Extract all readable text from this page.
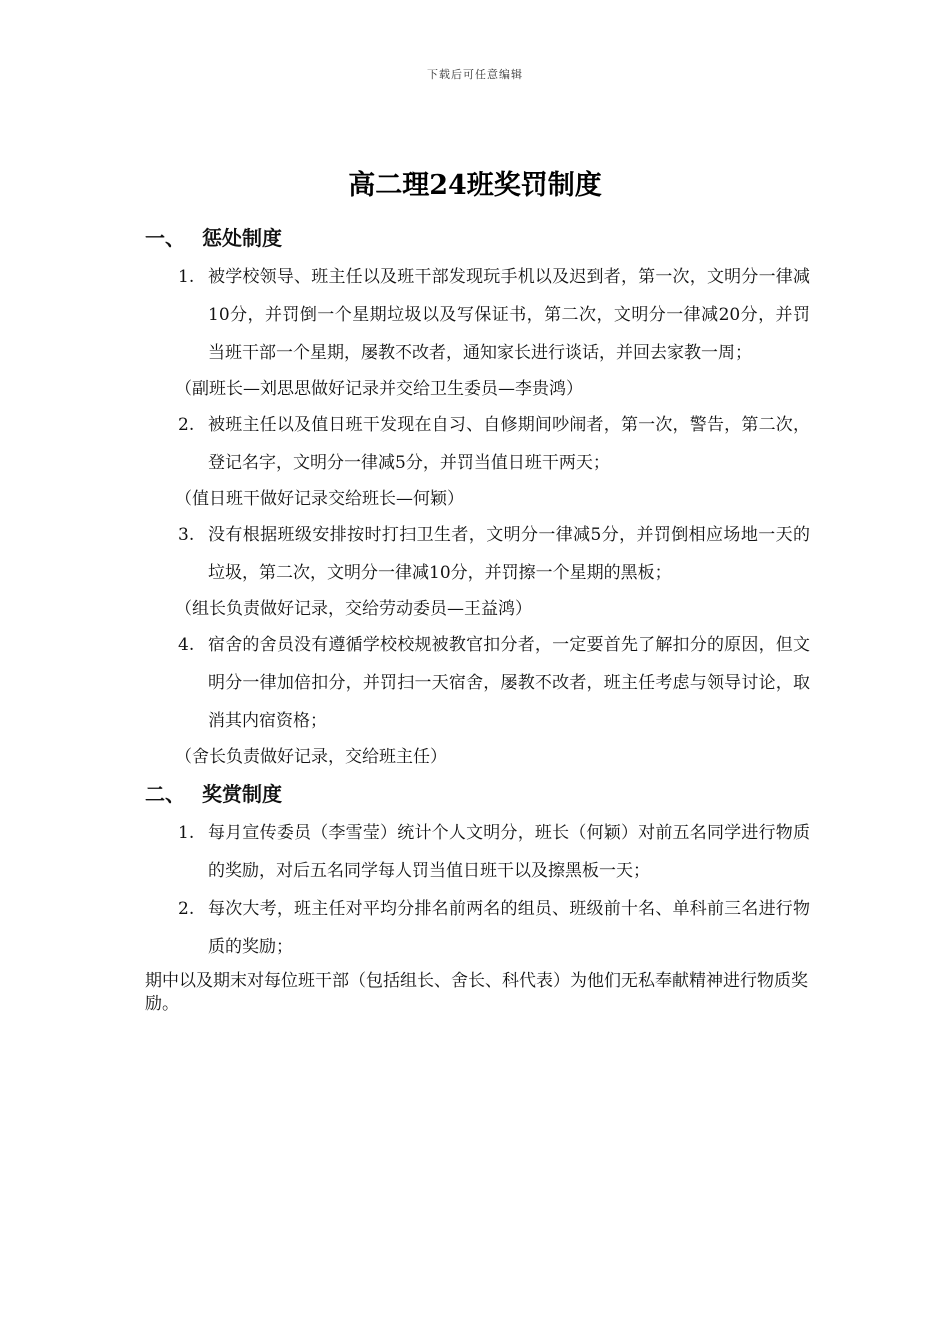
下载后可任意编辑
高二理24班奖罚制度
一、 惩处制度
1. 被学校领导、班主任以及班干部发现玩手机以及迟到者，第一次，文明分一律减10分，并罚倒一个星期垃圾以及写保证书，第二次，文明分一律减20分，并罚当班干部一个星期，屡教不改者，通知家长进行谈话，并回去家教一周；
（副班长—刘思思做好记录并交给卫生委员—李贵鸿）
2. 被班主任以及值日班干发现在自习、自修期间吵闹者，第一次，警告，第二次，登记名字，文明分一律减5分，并罚当值日班干两天；
（值日班干做好记录交给班长—何颖）
3. 没有根据班级安排按时打扫卫生者，文明分一律减5分，并罚倒相应场地一天的垃圾，第二次，文明分一律减10分，并罚擦一个星期的黑板；
（组长负责做好记录，交给劳动委员—王益鸿）
4. 宿舍的舍员没有遵循学校校规被教官扣分者，一定要首先了解扣分的原因，但文明分一律加倍扣分，并罚扫一天宿舍，屡教不改者，班主任考虑与领导讨论，取消其内宿资格；
（舍长负责做好记录，交给班主任）
二、 奖赏制度
1. 每月宣传委员（李雪莹）统计个人文明分，班长（何颖）对前五名同学进行物质的奖励，对后五名同学每人罚当值日班干以及擦黑板一天；
2. 每次大考，班主任对平均分排名前两名的组员、班级前十名、单科前三名进行物质的奖励；
期中以及期末对每位班干部（包括组长、舍长、科代表）为他们无私奉献精神进行物质奖励。
